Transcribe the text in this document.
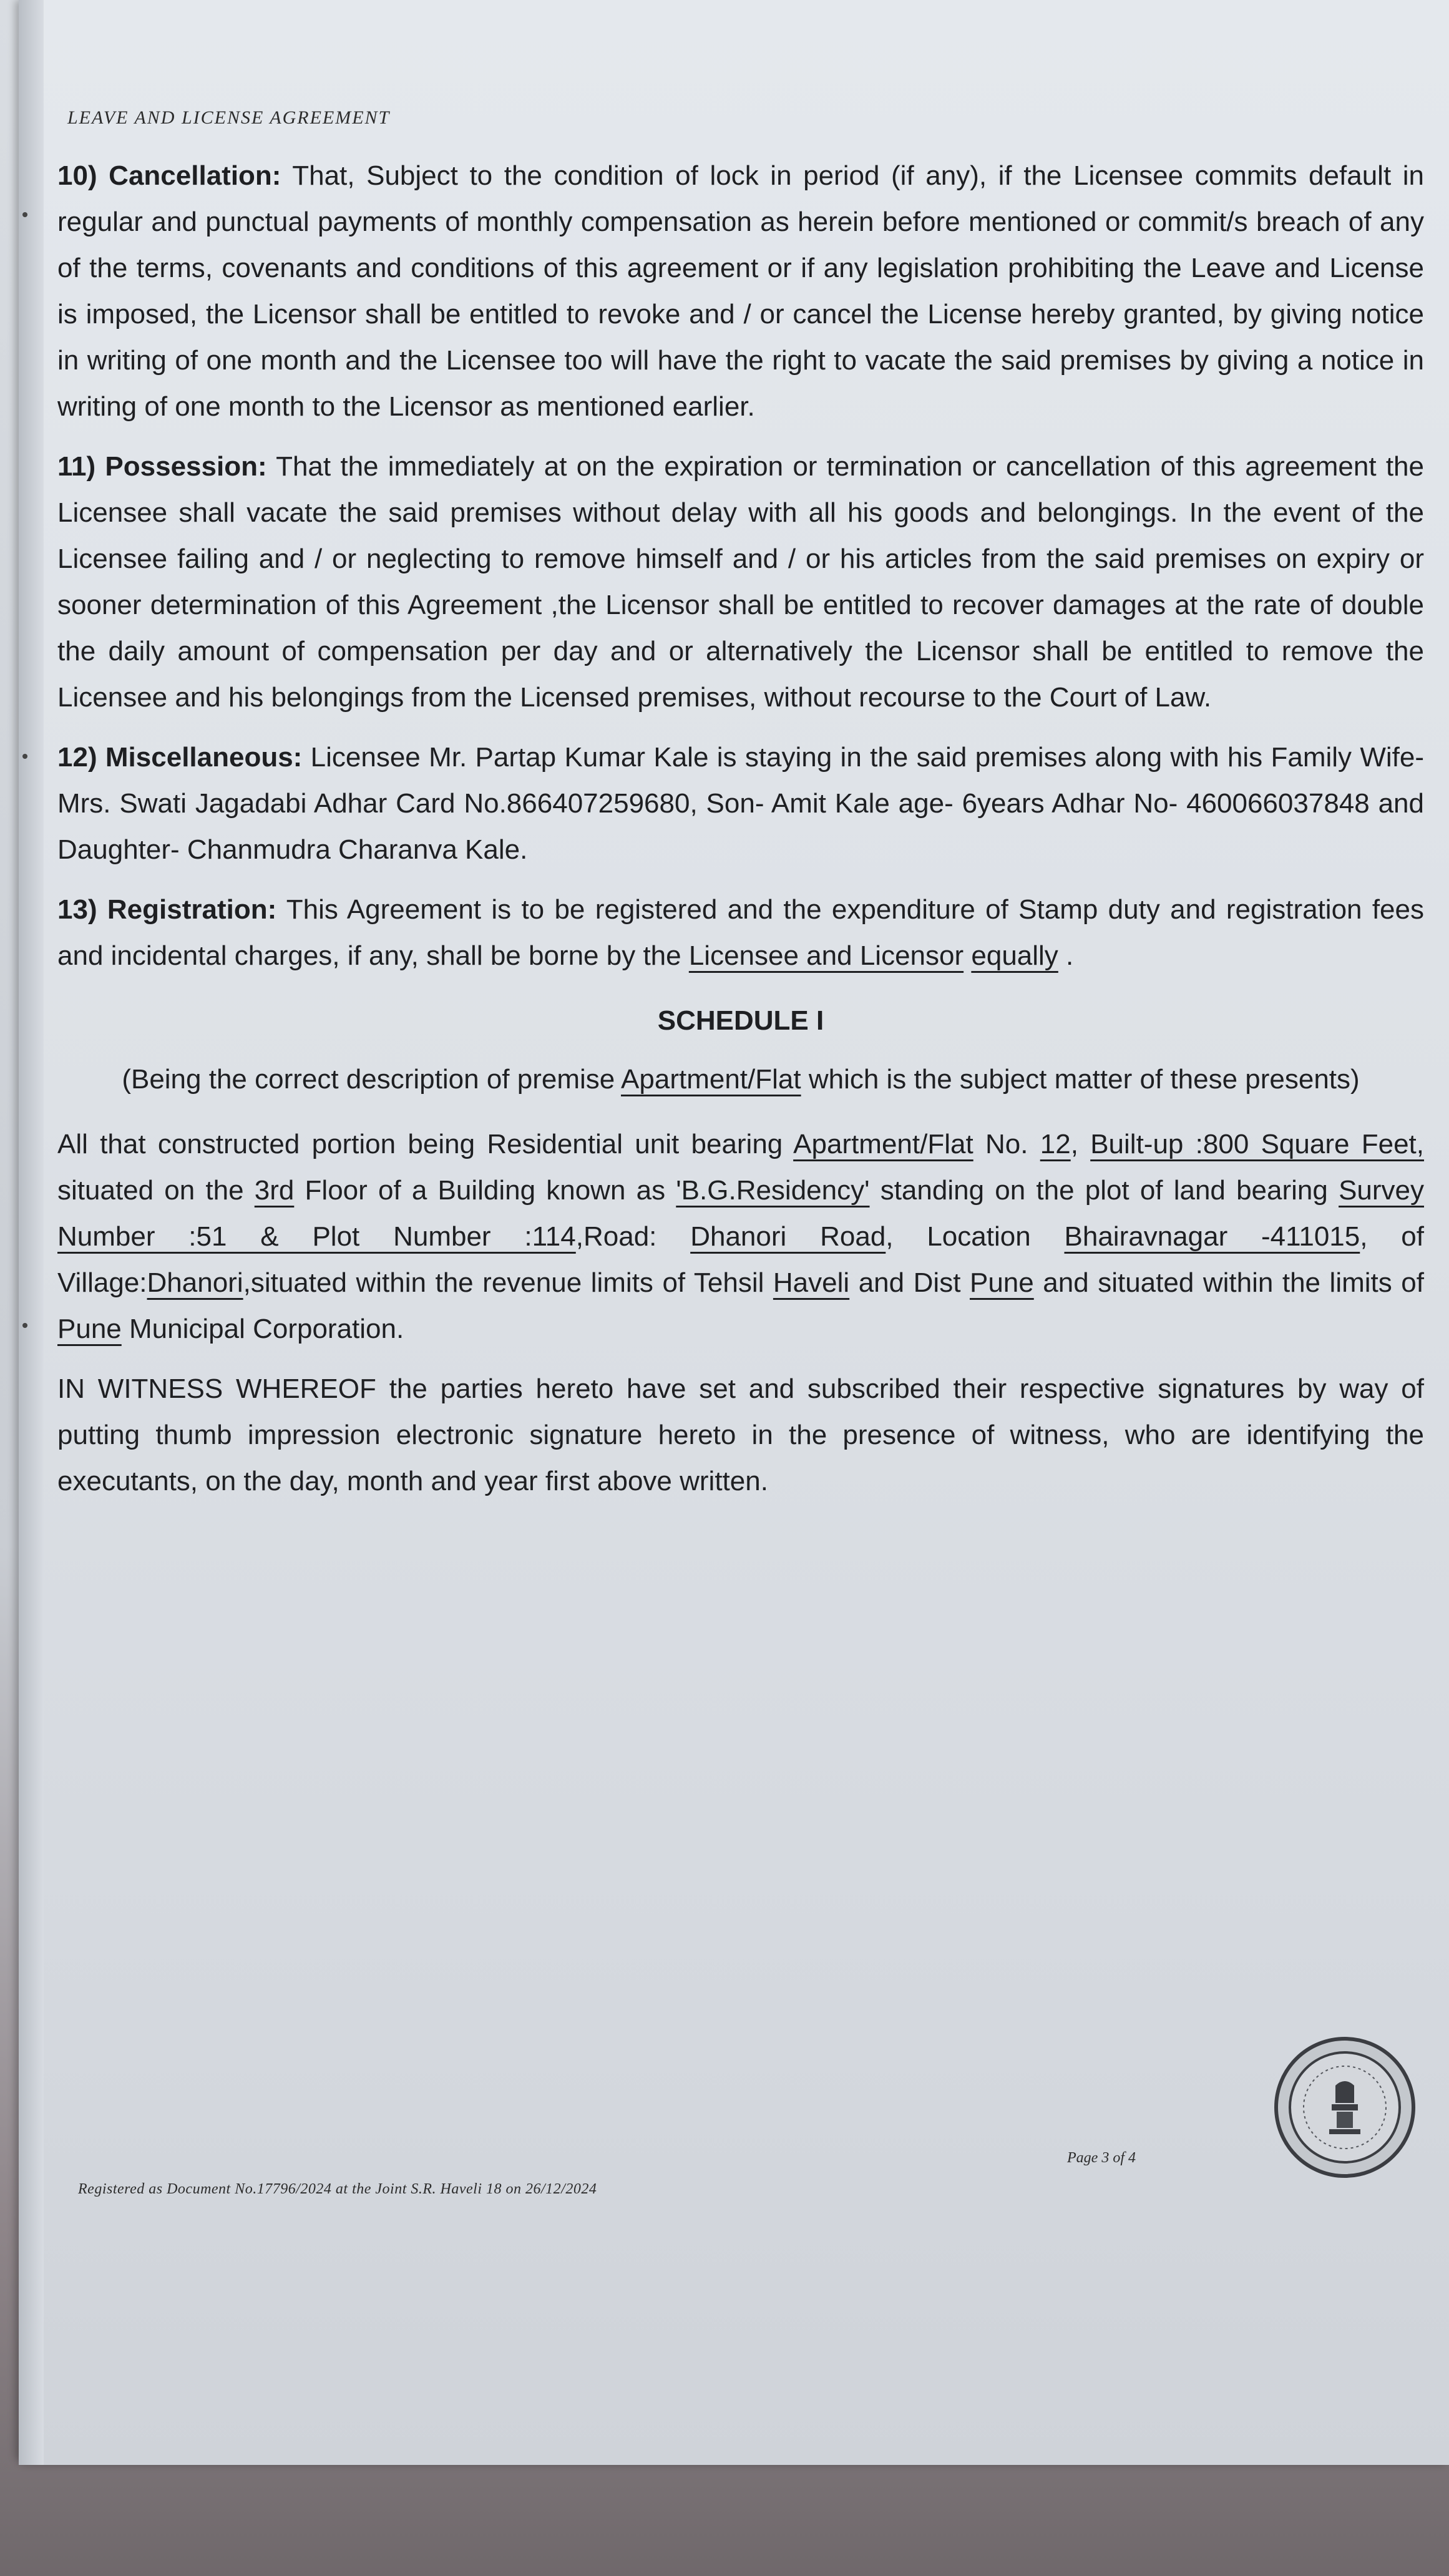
LEAVE AND LICENSE AGREEMENT

10) Cancellation: That, Subject to the condition of lock in period (if any), if the Licensee commits default in regular and punctual payments of monthly compensation as herein before mentioned or commit/s breach of any of the terms, covenants and conditions of this agreement or if any legislation prohibiting the Leave and License is imposed, the Licensor shall be entitled to revoke and / or cancel the License hereby granted, by giving notice in writing of one month and the Licensee too will have the right to vacate the said premises by giving a notice in writing of one month to the Licensor as mentioned earlier.

11) Possession: That the immediately at on the expiration or termination or cancellation of this agreement the Licensee shall vacate the said premises without delay with all his goods and belongings. In the event of the Licensee failing and / or neglecting to remove himself and / or his articles from the said premises on expiry or sooner determination of this Agreement ,the Licensor shall be entitled to recover damages at the rate of double the daily amount of compensation per day and or alternatively the Licensor shall be entitled to remove the Licensee and his belongings from the Licensed premises, without recourse to the Court of Law.

12) Miscellaneous: Licensee Mr. Partap Kumar Kale is staying in the said premises along with his Family Wife- Mrs. Swati Jagadabi Adhar Card No.866407259680, Son- Amit Kale age- 6years Adhar No- 460066037848 and Daughter- Chanmudra Charanva Kale.

13) Registration: This Agreement is to be registered and the expenditure of Stamp duty and registration fees and incidental charges, if any, shall be borne by the Licensee and Licensor equally .

SCHEDULE I
(Being the correct description of premise Apartment/Flat which is the subject matter of these presents)

All that constructed portion being Residential unit bearing Apartment/Flat No. 12, Built-up :800 Square Feet, situated on the 3rd Floor of a Building known as 'B.G.Residency' standing on the plot of land bearing Survey Number :51 & Plot Number :114,Road: Dhanori Road, Location Bhairavnagar -411015, of Village:Dhanori,situated within the revenue limits of Tehsil Haveli and Dist Pune and situated within the limits of Pune Municipal Corporation.

IN WITNESS WHEREOF the parties hereto have set and subscribed their respective signatures by way of putting thumb impression electronic signature hereto in the presence of witness, who are identifying the executants, on the day, month and year first above written.

Page 3 of 4
Registered as Document No.17796/2024 at the Joint S.R. Haveli 18 on 26/12/2024
